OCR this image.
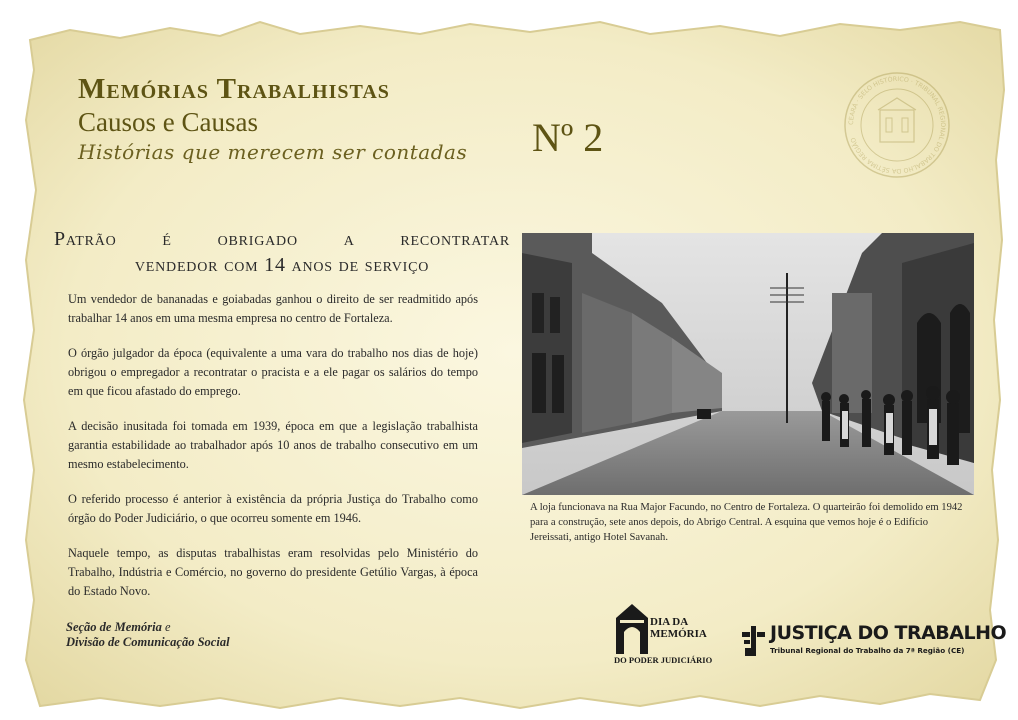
Memórias Trabalhistas
Causos e Causas
Histórias que merecem ser contadas Nº 2	CEARÁ · SELO HISTÓRICO · TRIBUNAL REGIONAL DO TRABALHO DA SÉTIMA REGIÃO
Patrão é obrigado a recontratar
vendedor com 14 anos de serviço

Um vendedor de bananadas e goiabadas ganhou o direito de ser readmitido após trabalhar 14 anos em uma mesma empresa no centro de Fortaleza.

O órgão julgador da época (equivalente a uma vara do trabalho nos dias de hoje) obrigou o empregador a recontratar o pracista e a ele pagar os salários do tempo em que ficou afastado do emprego.

A decisão inusitada foi tomada em 1939, época em que a legislação trabalhista garantia estabilidade ao trabalhador após 10 anos de trabalho consecutivo em um mesmo estabelecimento.

O referido processo é anterior à existência da própria Justiça do Trabalho como órgão do Poder Judiciário, o que ocorreu somente em 1946.

Naquele tempo, as disputas trabalhistas eram resolvidas pelo Ministério do Trabalho, Indústria e Comércio, no governo do presidente Getúlio Vargas, à época do Estado Novo.

A loja funcionava na Rua Major Facundo, no Centro de Fortaleza. O quarteirão foi demolido em 1942 para a construção, sete anos depois, do Abrigo Central. A esquina que vemos hoje é o Edifício Jereissati, antigo Hotel Savanah.
Seção de Memória e
Divisão de Comunicação Social
DIA DA
MEMÓRIA
DO PODER JUDICIÁRIO
JUSTIÇA DO TRABALHO
Tribunal Regional do Trabalho da 7ª Região (CE)
